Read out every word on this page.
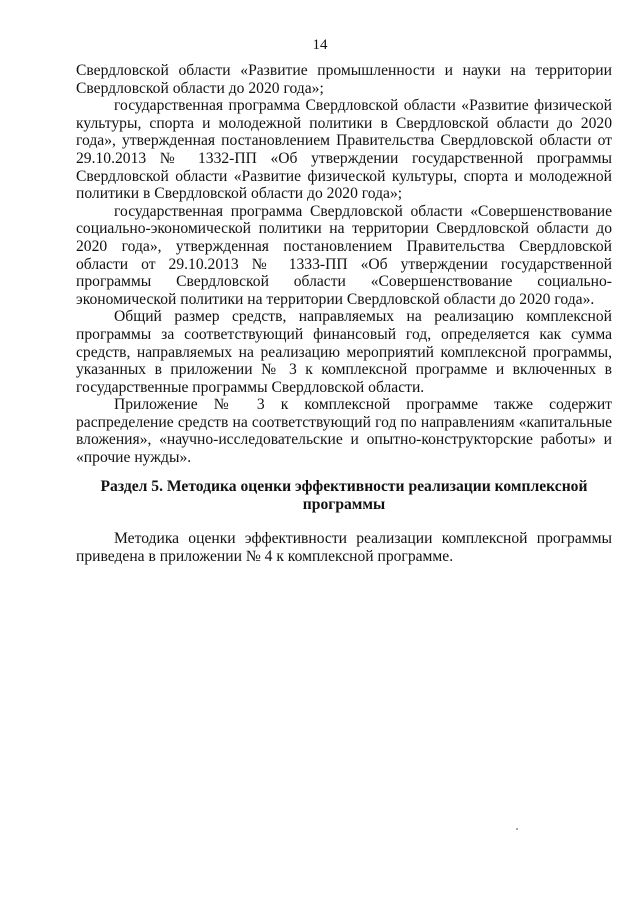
14

Свердловской области «Развитие промышленности и науки на территории Свердловской области до 2020 года»;

государственная программа Свердловской области «Развитие физической культуры, спорта и молодежной политики в Свердловской области до 2020 года», утвержденная постановлением Правительства Свердловской области от 29.10.2013 № 1332-ПП «Об утверждении государственной программы Свердловской области «Развитие физической культуры, спорта и молодежной политики в Свердловской области до 2020 года»;

государственная программа Свердловской области «Совершенствование социально-экономической политики на территории Свердловской области до 2020 года», утвержденная постановлением Правительства Свердловской области от 29.10.2013 № 1333-ПП «Об утверждении государственной программы Свердловской области «Совершенствование социально-экономической политики на территории Свердловской области до 2020 года».

Общий размер средств, направляемых на реализацию комплексной программы за соответствующий финансовый год, определяется как сумма средств, направляемых на реализацию мероприятий комплексной программы, указанных в приложении № 3 к комплексной программе и включенных в государственные программы Свердловской области.

Приложение № 3 к комплексной программе также содержит распределение средств на соответствующий год по направлениям «капитальные вложения», «научно-исследовательские и опытно-конструкторские работы» и «прочие нужды».

Раздел 5. Методика оценки эффективности реализации комплексной программы

Методика оценки эффективности реализации комплексной программы приведена в приложении № 4 к комплексной программе.
